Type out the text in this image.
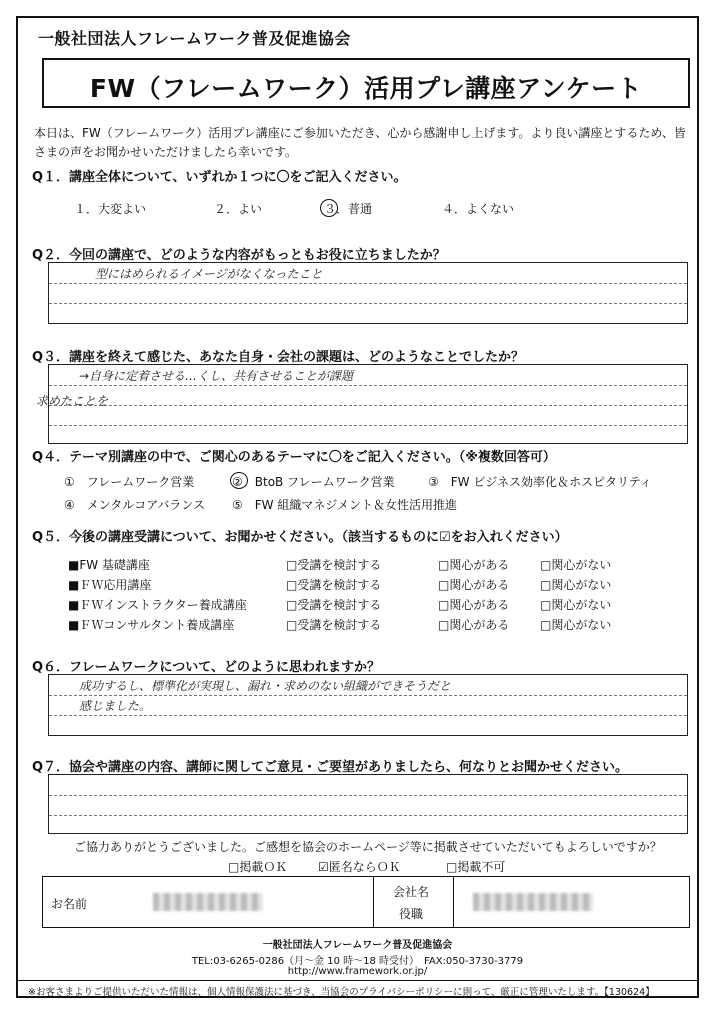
一般社団法人フレームワーク普及促進協会
FW（フレームワーク）活用プレ講座アンケート
本日は、FW（フレームワーク）活用プレ講座にご参加いただき、心から感謝申し上げます。より良い講座とするため、皆さまの声をお聞かせいただけましたら幸いです。
Q１．講座全体について、いずれか１つに〇をご記入ください。
１．大変よい	２．よい	３．普通	４．よくない
Q２．今回の講座で、どのような内容がもっともお役に立ちましたか？
型にはめられるイメージがなくなったこと
Q３．講座を終えて感じた、あなた自身・会社の課題は、どのようなことでしたか？
→自身に定着させる…くし、共有させることが課題
求めたことを
Q４．テーマ別講座の中で、ご関心のあるテーマに〇をご記入ください。（※複数回答可）
①　フレームワーク営業	②　BtoB フレームワーク営業	③　FW ビジネス効率化＆ホスピタリティ
④　メンタルコアバランス ⑤　FW 組織マネジメント＆女性活用推進
Q５．今後の講座受講について、お聞かせください。（該当するものに☑をお入れください）
■FW 基礎講座	□受講を検討する	□関心がある	□関心がない
■ＦＷ応用講座	□受講を検討する	□関心がある	□関心がない
■ＦＷインストラクター養成講座	□受講を検討する	□関心がある	□関心がない
■ＦＷコンサルタント養成講座	□受講を検討する	□関心がある	□関心がない
Q６．フレームワークについて、どのように思われますか？
成功するし、標準化が実現し、漏れ・求めのない組織ができそうだと
感じました。
Q７．協会や講座の内容、講師に関してご意見・ご要望がありましたら、何なりとお聞かせください。
ご協力ありがとうございました。ご感想を協会のホームページ等に掲載させていただいてもよろしいですか？
□掲載ＯＫ	☑匿名ならＯＫ	□掲載不可
お名前
会社名
役職
一般社団法人フレームワーク普及促進協会
TEL:03-6265-0286（月～金 10 時～18 時受付）　FAX:050-3730-3779
http://www.framework.or.jp/
※お客さまよりご提供いただいた情報は、個人情報保護法に基づき、当協会のプライバシーポリシーに則って、厳正に管理いたします。【130624】
